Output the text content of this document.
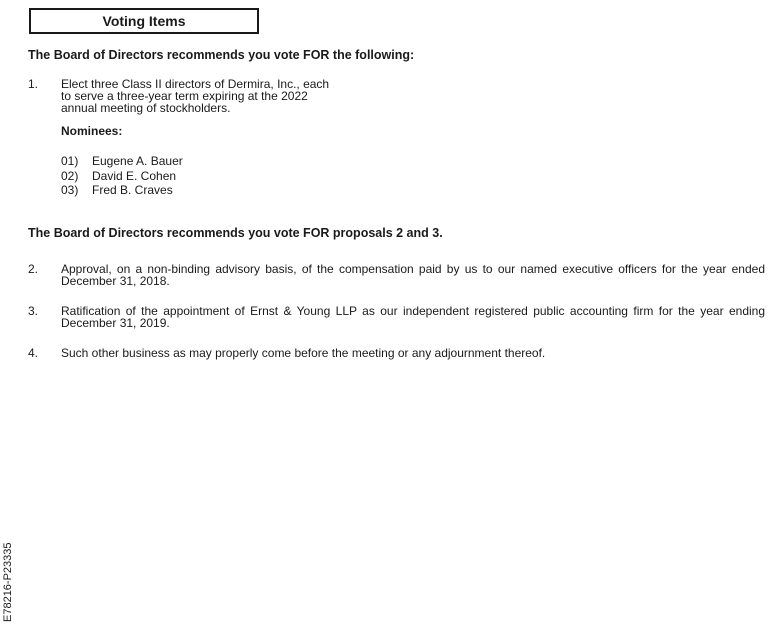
Voting Items
The Board of Directors recommends you vote FOR the following:
1. Elect three Class II directors of Dermira, Inc., each
to serve a three-year term expiring at the 2022
annual meeting of stockholders.
Nominees:
01) Eugene A. Bauer
02) David E. Cohen
03) Fred B. Craves
The Board of Directors recommends you vote FOR proposals 2 and 3.
2. Approval, on a non-binding advisory basis, of the compensation paid by us to our named executive officers for the year ended December 31, 2018.
3. Ratification of the appointment of Ernst & Young LLP as our independent registered public accounting firm for the year ending December 31, 2019.
4. Such other business as may properly come before the meeting or any adjournment thereof.
E78216-P23335
